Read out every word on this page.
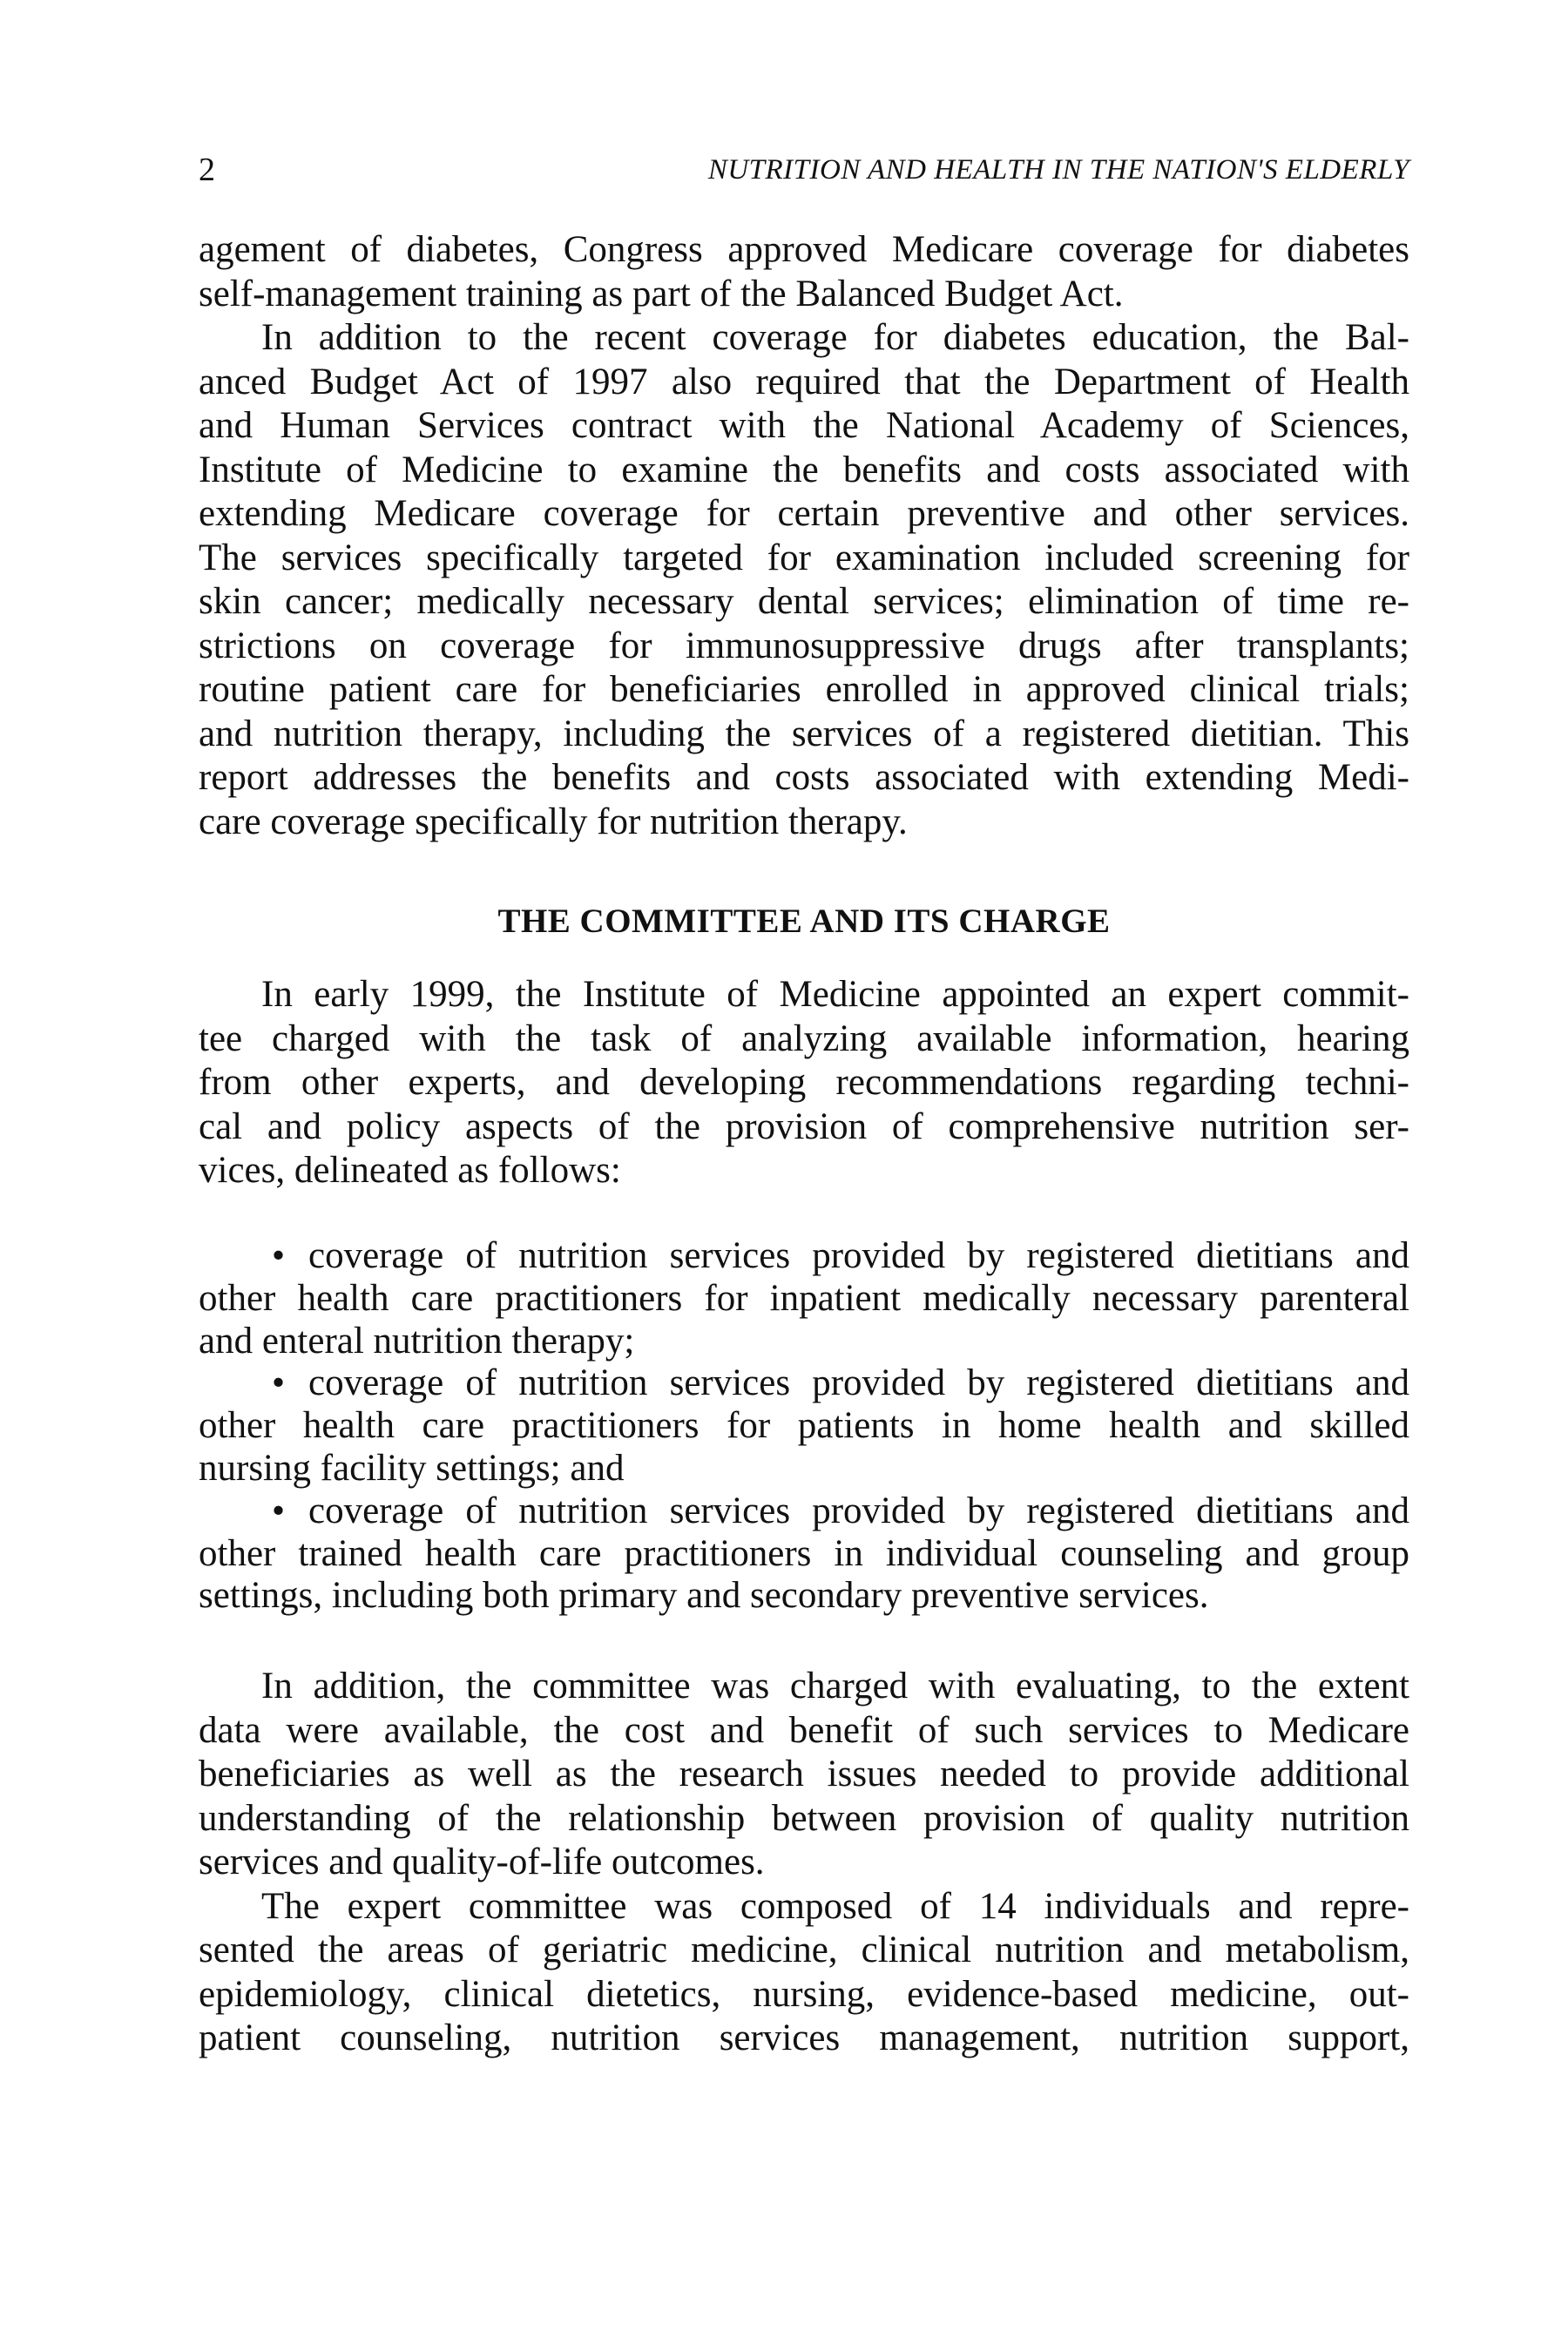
2	NUTRITION AND HEALTH IN THE NATION'S ELDERLY
agement of diabetes, Congress approved Medicare coverage for diabetes
self-management training as part of the Balanced Budget Act.
In addition to the recent coverage for diabetes education, the Bal-
anced Budget Act of 1997 also required that the Department of Health
and Human Services contract with the National Academy of Sciences,
Institute of Medicine to examine the benefits and costs associated with
extending Medicare coverage for certain preventive and other services.
The services specifically targeted for examination included screening for
skin cancer; medically necessary dental services; elimination of time re-
strictions on coverage for immunosuppressive drugs after transplants;
routine patient care for beneficiaries enrolled in approved clinical trials;
and nutrition therapy, including the services of a registered dietitian. This
report addresses the benefits and costs associated with extending Medi-
care coverage specifically for nutrition therapy.
THE COMMITTEE AND ITS CHARGE
In early 1999, the Institute of Medicine appointed an expert commit-
tee charged with the task of analyzing available information, hearing
from other experts, and developing recommendations regarding techni-
cal and policy aspects of the provision of comprehensive nutrition ser-
vices, delineated as follows:
• coverage of nutrition services provided by registered dietitians and
other health care practitioners for inpatient medically necessary parenteral
and enteral nutrition therapy;
• coverage of nutrition services provided by registered dietitians and
other health care practitioners for patients in home health and skilled
nursing facility settings; and
• coverage of nutrition services provided by registered dietitians and
other trained health care practitioners in individual counseling and group
settings, including both primary and secondary preventive services.
In addition, the committee was charged with evaluating, to the extent
data were available, the cost and benefit of such services to Medicare
beneficiaries as well as the research issues needed to provide additional
understanding of the relationship between provision of quality nutrition
services and quality-of-life outcomes.
The expert committee was composed of 14 individuals and repre-
sented the areas of geriatric medicine, clinical nutrition and metabolism,
epidemiology, clinical dietetics, nursing, evidence-based medicine, out-
patient counseling, nutrition services management, nutrition support,
